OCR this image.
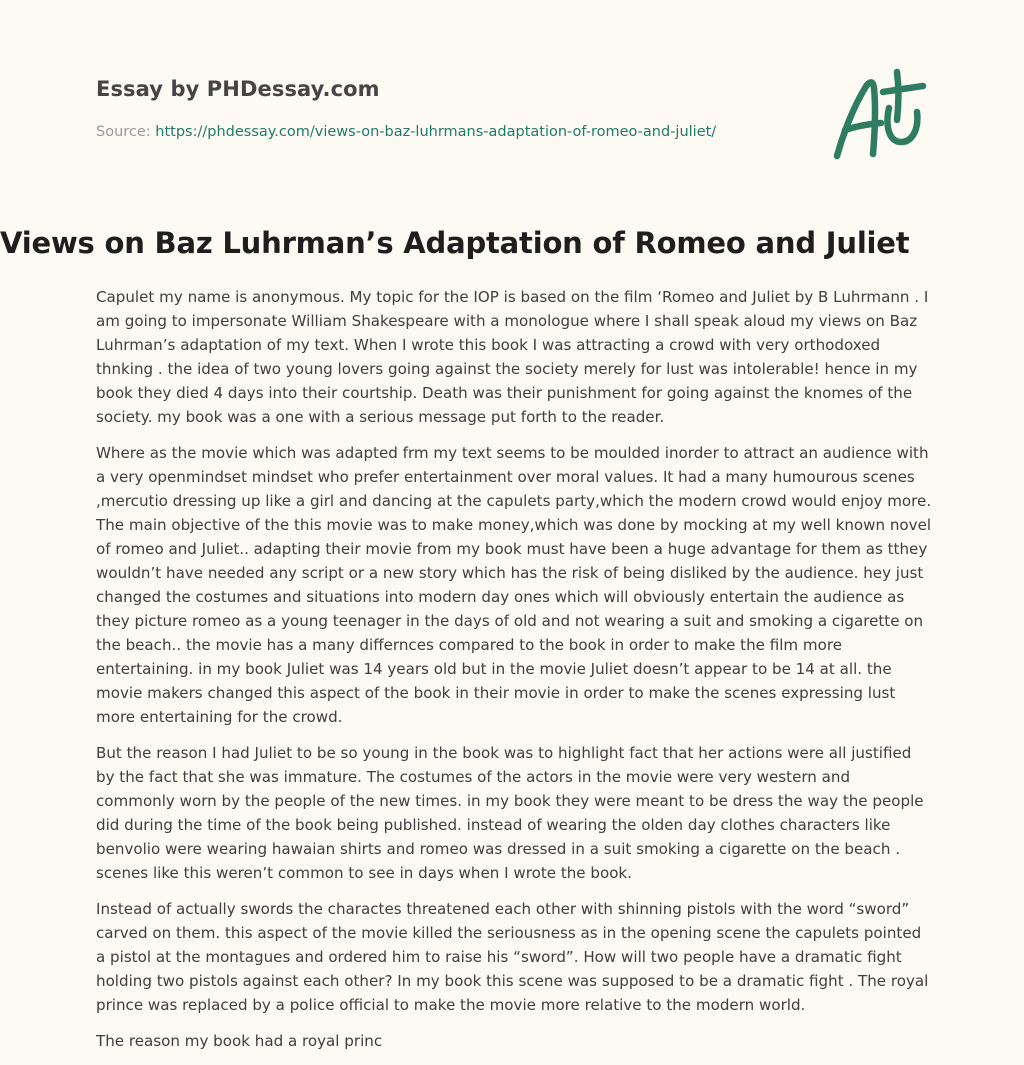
Essay by PHDessay.com
Source: https://phdessay.com/views-on-baz-luhrmans-adaptation-of-romeo-and-juliet/
Views on Baz Luhrman’s Adaptation of Romeo and Juliet

Capulet my name is anonymous. My topic for the IOP is based on the film ‘Romeo and Juliet by B Luhrmann . I am going to impersonate William Shakespeare with a monologue where I shall speak aloud my views on Baz Luhrman’s adaptation of my text. When I wrote this book I was attracting a crowd with very orthodoxed thnking . the idea of two young lovers going against the society merely for lust was intolerable! hence in my book they died 4 days into their courtship. Death was their punishment for going against the knomes of the society. my book was a one with a serious message put forth to the reader.

Where as the movie which was adapted frm my text seems to be moulded inorder to attract an audience with a very openmindset mindset who prefer entertainment over moral values. It had a many humourous scenes ,mercutio dressing up like a girl and dancing at the capulets party,which the modern crowd would enjoy more. The main objective of the this movie was to make money,which was done by mocking at my well known novel of romeo and Juliet.. adapting their movie from my book must have been a huge advantage for them as tthey wouldn’t have needed any script or a new story which has the risk of being disliked by the audience. hey just changed the costumes and situations into modern day ones which will obviously entertain the audience as they picture romeo as a young teenager in the days of old and not wearing a suit and smoking a cigarette on the beach.. the movie has a many differnces compared to the book in order to make the film more entertaining. in my book Juliet was 14 years old but in the movie Juliet doesn’t appear to be 14 at all. the movie makers changed this aspect of the book in their movie in order to make the scenes expressing lust more entertaining for the crowd.

But the reason I had Juliet to be so young in the book was to highlight fact that her actions were all justified by the fact that she was immature. The costumes of the actors in the movie were very western and commonly worn by the people of the new times. in my book they were meant to be dress the way the people did during the time of the book being published. instead of wearing the olden day clothes characters like benvolio were wearing hawaian shirts and romeo was dressed in a suit smoking a cigarette on the beach . scenes like this weren’t common to see in days when I wrote the book.

Instead of actually swords the charactes threatened each other with shinning pistols with the word “sword” carved on them. this aspect of the movie killed the seriousness as in the opening scene the capulets pointed a pistol at the montagues and ordered him to raise his “sword”. How will two people have a dramatic fight holding two pistols against each other? In my book this scene was supposed to be a dramatic fight . The royal prince was replaced by a police official to make the movie more relative to the modern world.

The reason my book had a royal princ
